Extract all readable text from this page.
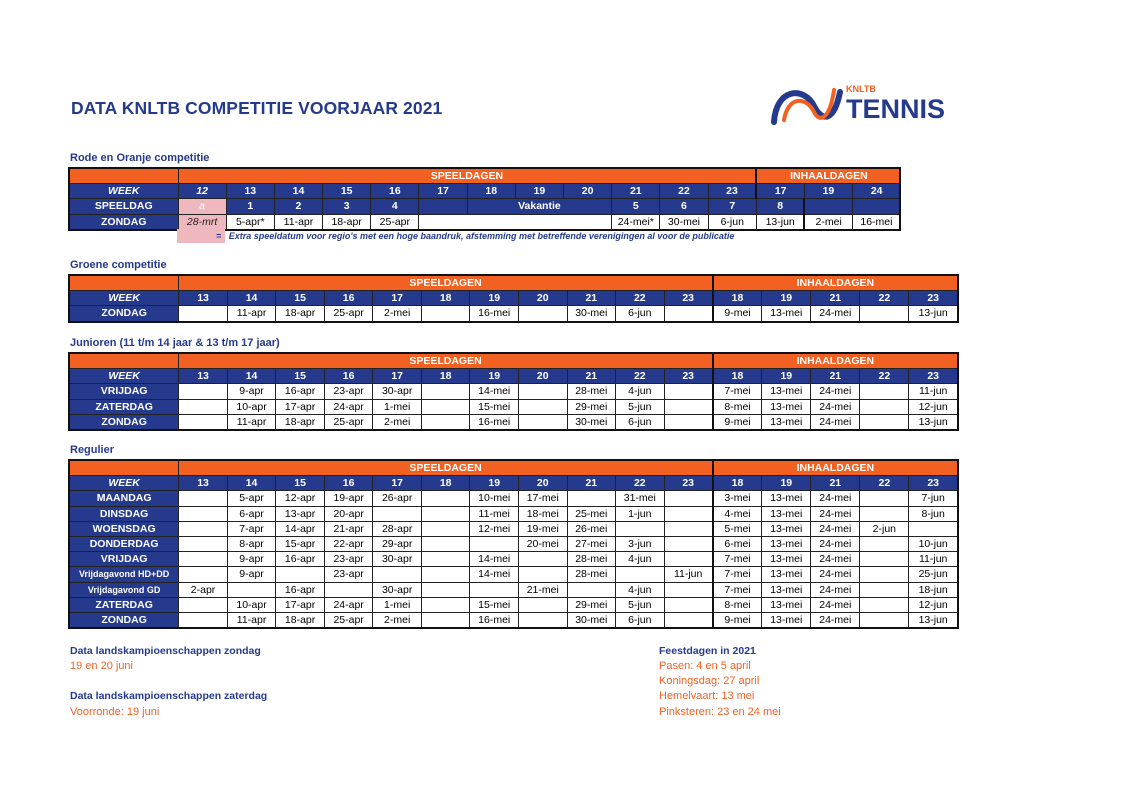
DATA KNLTB COMPETITIE VOORJAAR 2021
KNLTB
TENNIS
Rode en Oranje competitie
	SPEELDAGEN												INHAALDAGEN			
WEEK	12	13	14	15	16	17	18	19	20	21	22	23	17	19	24	
SPEELDAG	a	1	2	3	4		Vakantie			5	6	7	8			
ZONDAG	28-mrt	5-apr*	11-apr	18-apr	25-apr					24-mei*	30-mei	6-jun	13-jun	2-mei	16-mei	
= Extra speeldatum voor regio's met een hoge baandruk, afstemming met betreffende verenigingen al voor de publicatie
Groene competitie
	SPEELDAGEN											INHAALDAGEN				
WEEK	13	14	15	16	17	18	19	20	21	22	23	18	19	21	22	23
ZONDAG		11-apr	18-apr	25-apr	2-mei		16-mei		30-mei	6-jun		9-mei	13-mei	24-mei		13-jun
Junioren (11 t/m 14 jaar & 13 t/m 17 jaar)
	SPEELDAGEN											INHAALDAGEN				
WEEK	13	14	15	16	17	18	19	20	21	22	23	18	19	21	22	23
VRIJDAG		9-apr	16-apr	23-apr	30-apr		14-mei		28-mei	4-jun		7-mei	13-mei	24-mei		11-jun
ZATERDAG		10-apr	17-apr	24-apr	1-mei		15-mei		29-mei	5-jun		8-mei	13-mei	24-mei		12-jun
ZONDAG		11-apr	18-apr	25-apr	2-mei		16-mei		30-mei	6-jun		9-mei	13-mei	24-mei		13-jun
Regulier
	SPEELDAGEN											INHAALDAGEN				
WEEK	13	14	15	16	17	18	19	20	21	22	23	18	19	21	22	23
MAANDAG		5-apr	12-apr	19-apr	26-apr		10-mei	17-mei		31-mei		3-mei	13-mei	24-mei		7-jun
DINSDAG		6-apr	13-apr	20-apr			11-mei	18-mei	25-mei	1-jun		4-mei	13-mei	24-mei		8-jun
WOENSDAG		7-apr	14-apr	21-apr	28-apr		12-mei	19-mei	26-mei			5-mei	13-mei	24-mei	2-jun	
DONDERDAG		8-apr	15-apr	22-apr	29-apr			20-mei	27-mei	3-jun		6-mei	13-mei	24-mei		10-jun
VRIJDAG		9-apr	16-apr	23-apr	30-apr		14-mei		28-mei	4-jun		7-mei	13-mei	24-mei		11-jun
Vrijdagavond HD+DD		9-apr		23-apr			14-mei		28-mei		11-jun	7-mei	13-mei	24-mei		25-jun
Vrijdagavond GD	2-apr		16-apr		30-apr			21-mei		4-jun		7-mei	13-mei	24-mei		18-jun
ZATERDAG		10-apr	17-apr	24-apr	1-mei		15-mei		29-mei	5-jun		8-mei	13-mei	24-mei		12-jun
ZONDAG		11-apr	18-apr	25-apr	2-mei		16-mei		30-mei	6-jun		9-mei	13-mei	24-mei		13-jun
Data landskampioenschappen zondag
19 en 20 juni
Data landskampioenschappen zaterdag
Voorronde: 19 juni
Feestdagen in 2021
Pasen: 4 en 5 april
Koningsdag: 27 april
Hemelvaart: 13 mei
Pinksteren: 23 en 24 mei
